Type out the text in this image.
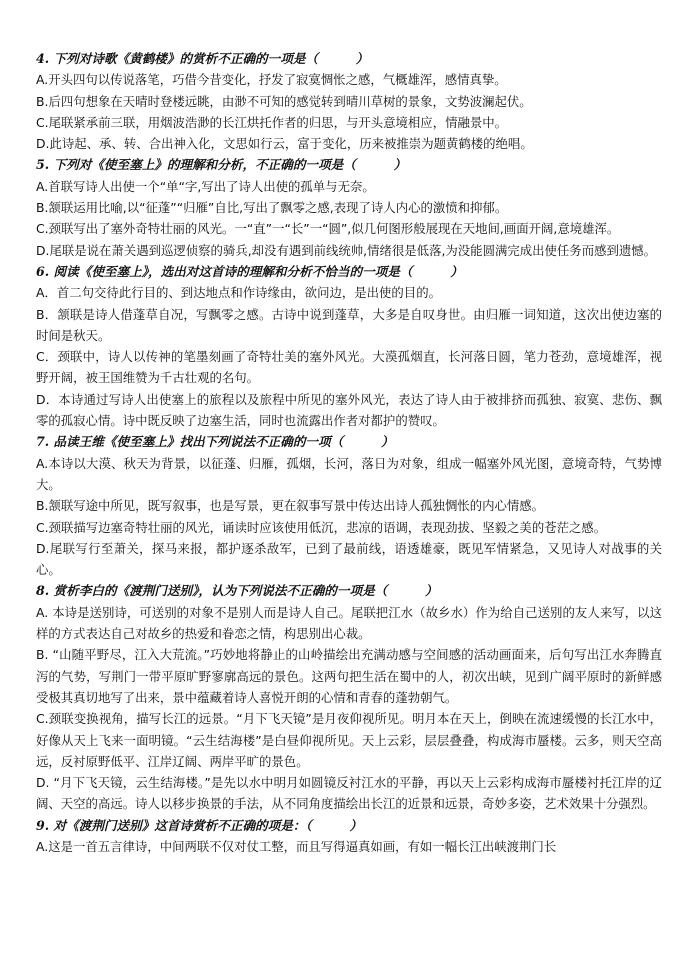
4. 下列对诗歌《黄鹤楼》的赏析不正确的一项是（　　　）

A.开头四句以传说落笔，巧借今昔变化，抒发了寂寞惆怅之感，气概雄浑，感情真挚。

B.后四句想象在天晴时登楼远眺，由渺不可知的感觉转到晴川草树的景象，文势波澜起伏。

C.尾联紧承前三联，用烟波浩渺的长江烘托作者的归思，与开头意境相应，情融景中。

D.此诗起、承、转、合出神入化，文思如行云，富于变化，历来被推崇为题黄鹤楼的绝唱。

5. 下列对《使至塞上》的理解和分析，不正确的一项是（　　　）

A.首联写诗人出使一个“单“字,写出了诗人出使的孤单与无奈。

B.颔联运用比喻,以“征蓬”“归雁”自比,写出了飘零之感,表现了诗人内心的激愤和抑郁。

C.颈联写出了塞外奇特壮丽的风光。一“直”一“长”一“圆”,似几何图形般展现在天地间,画面开阔,意境雄浑。

D.尾联是说在萧关遇到巡逻侦察的骑兵,却没有遇到前线统帅,情绪很是低落,为没能圆满完成出使任务而感到遗憾。

6. 阅读《使至塞上》，选出对这首诗的理解和分析不恰当的一项是（　　　）

A．首二句交待此行目的、到达地点和作诗缘由，欲问边，是出使的目的。

B．颔联是诗人借蓬草自况，写飘零之感。古诗中说到蓬草，大多是自叹身世。由归雁一词知道，这次出使边塞的时间是秋天。

C．颈联中，诗人以传神的笔墨刻画了奇特壮美的塞外风光。大漠孤烟直，长河落日圆，笔力苍劲，意境雄浑，视野开阔，被王国维赞为千古壮观的名句。

D．本诗通过写诗人出使塞上的旅程以及旅程中所见的塞外风光，表达了诗人由于被排挤而孤独、寂寞、悲伤、飘零的孤寂心情。诗中既反映了边塞生活，同时也流露出作者对都护的赞叹。

7. 品读王维《使至塞上》找出下列说法不正确的一项（　　　）

A.本诗以大漠、秋天为背景，以征蓬、归雁，孤烟，长河，落日为对象，组成一幅塞外风光图，意境奇特，气势博大。

B.颔联写途中所见，既写叙事，也是写景，更在叙事写景中传达出诗人孤独惆怅的内心情感。

C.颈联描写边塞奇特壮丽的风光，诵读时应该使用低沉，悲凉的语调，表现劲拔、坚毅之美的苍茫之感。

D.尾联写行至萧关，探马来报，都护逐杀敌军，已到了最前线，语透雄豪，既见军情紧急，又见诗人对战事的关心。

8. 赏析李白的《渡荆门送别》，认为下列说法不正确的一项是（　　　）

A. 本诗是送别诗，可送别的对象不是别人而是诗人自己。尾联把江水（故乡水）作为给自己送别的友人来写，以这样的方式表达自己对故乡的热爱和眷恋之情，构思别出心裁。

B. “山随平野尽，江入大荒流。”巧妙地将静止的山岭描绘出充满动感与空间感的活动画面来，后句写出江水奔腾直泻的气势，写荆门一带平原旷野寥廓高远的景色。这两句把生活在蜀中的人，初次出峡，见到广阔平原时的新鲜感受极其真切地写了出来，景中蕴藏着诗人喜悦开朗的心情和青春的蓬勃朝气。

C.颈联变换视角，描写长江的远景。“月下飞天镜”是月夜仰视所见。明月本在天上，倒映在流速缓慢的长江水中，好像从天上飞来一面明镜。“云生结海楼”是白昼仰视所见。天上云彩，层层叠叠，构成海市蜃楼。云多，则天空高远，反衬原野低平、江岸辽阔、两岸平旷的景色。

D. “月下飞天镜，云生结海楼。”是先以水中明月如圆镜反衬江水的平静，再以天上云彩构成海市蜃楼衬托江岸的辽阔、天空的高远。诗人以移步换景的手法，从不同角度描绘出长江的近景和远景，奇妙多姿，艺术效果十分强烈。

9. 对《渡荆门送别》这首诗赏析不正确的项是：（　　　）

A.这是一首五言律诗，中间两联不仅对仗工整，而且写得逼真如画，有如一幅长江出峡渡荆门长
